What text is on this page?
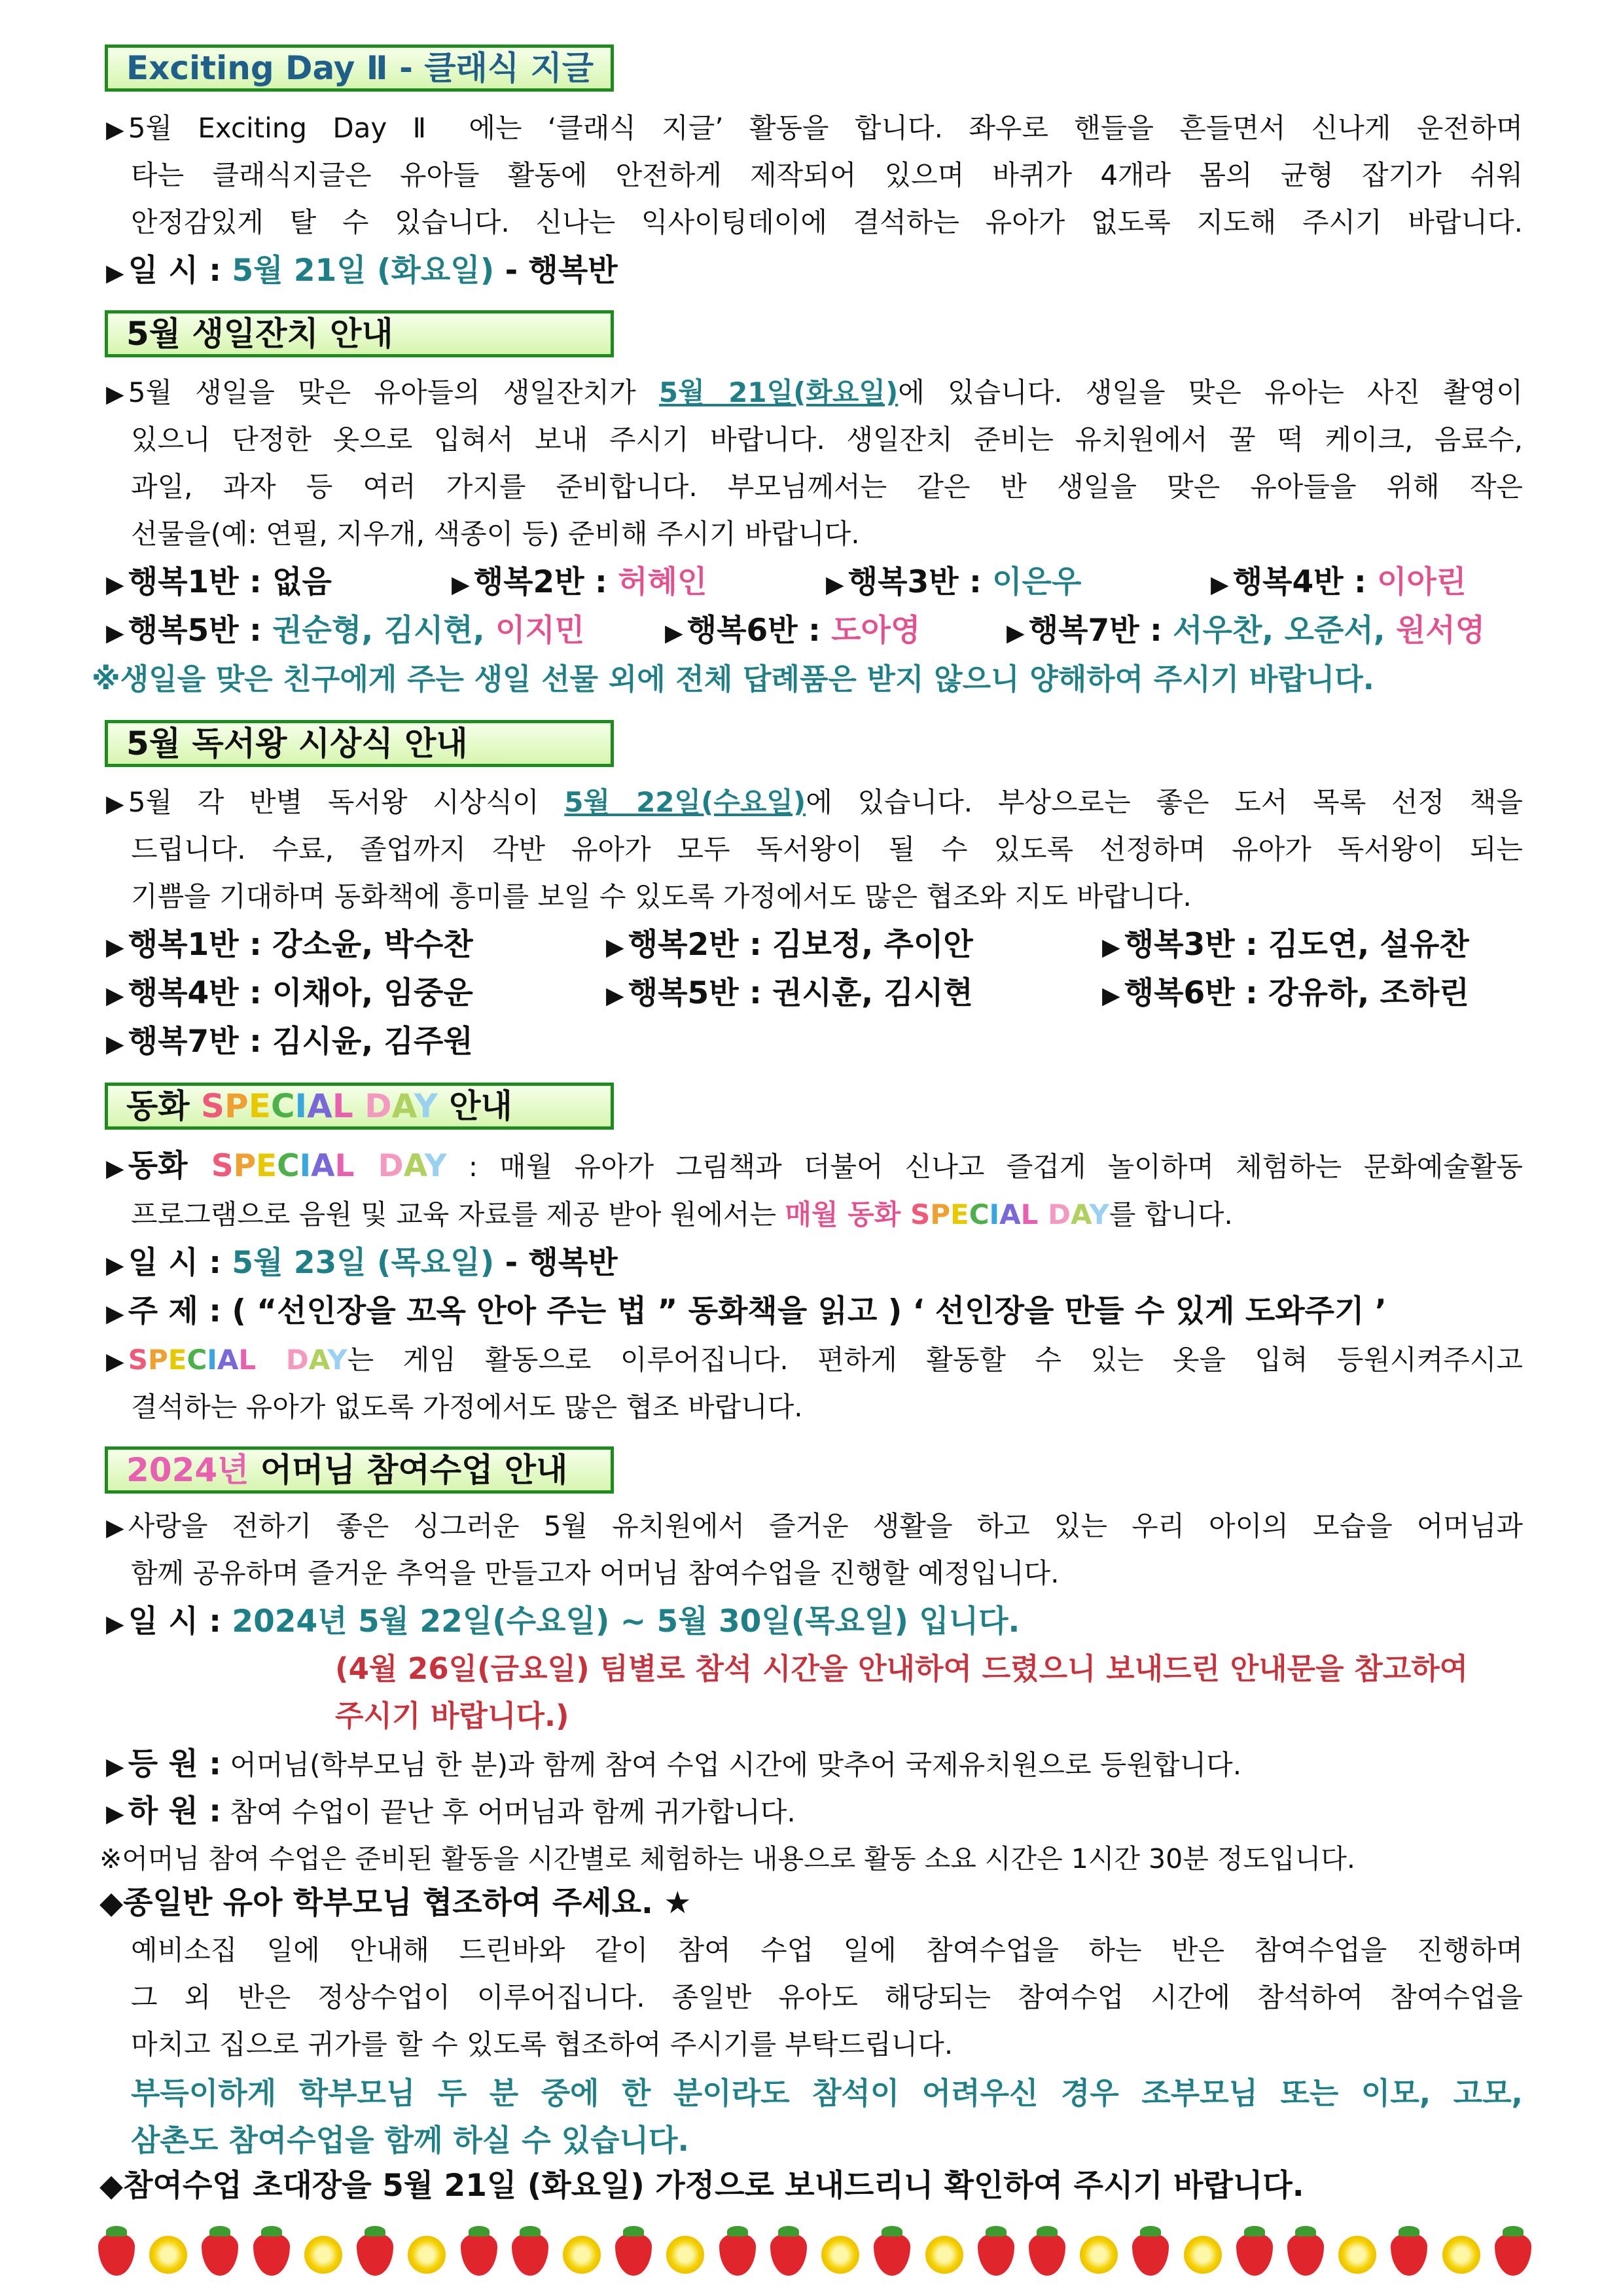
Exciting Day Ⅱ - 클래식 지글
▶ 5월 Exciting Day Ⅱ 에는 ‘클래식 지글’ 활동을 합니다. 좌우로 핸들을 흔들면서 신나게 운전하며
타는 클래식지글은 유아들 활동에 안전하게 제작되어 있으며 바퀴가 4개라 몸의 균형 잡기가 쉬워
안정감있게 탈 수 있습니다. 신나는 익사이팅데이에 결석하는 유아가 없도록 지도해 주시기 바랍니다.
▶ 일 시 : 5월 21일 (화요일) - 행복반
5월 생일잔치 안내
▶ 5월 생일을 맞은 유아들의 생일잔치가 5월 21일(화요일)에 있습니다. 생일을 맞은 유아는 사진 촬영이
있으니 단정한 옷으로 입혀서 보내 주시기 바랍니다. 생일잔치 준비는 유치원에서 꿀 떡 케이크, 음료수,
과일, 과자 등 여러 가지를 준비합니다. 부모님께서는 같은 반 생일을 맞은 유아들을 위해 작은
선물을(예: 연필, 지우개, 색종이 등) 준비해 주시기 바랍니다.
▶ 행복1반 : 없음	▶ 행복2반 : 허혜인	▶ 행복3반 : 이은우	▶ 행복4반 : 이아린
▶ 행복5반 : 권순형, 김시현, 이지민	▶ 행복6반 : 도아영	▶ 행복7반 : 서우찬, 오준서, 원서영
※생일을 맞은 친구에게 주는 생일 선물 외에 전체 답례품은 받지 않으니 양해하여 주시기 바랍니다.
5월 독서왕 시상식 안내
▶ 5월 각 반별 독서왕 시상식이 5월 22일(수요일)에 있습니다. 부상으로는 좋은 도서 목록 선정 책을
드립니다. 수료, 졸업까지 각반 유아가 모두 독서왕이 될 수 있도록 선정하며 유아가 독서왕이 되는
기쁨을 기대하며 동화책에 흥미를 보일 수 있도록 가정에서도 많은 협조와 지도 바랍니다.
▶ 행복1반 : 강소윤, 박수찬	▶ 행복2반 : 김보정, 추이안	▶ 행복3반 : 김도연, 설유찬
▶ 행복4반 : 이채아, 임중운	▶ 행복5반 : 권시훈, 김시현	▶ 행복6반 : 강유하, 조하린
▶ 행복7반 : 김시윤, 김주원
동화 SPECIAL DAY 안내
▶ 동화 SPECIAL DAY : 매월 유아가 그림책과 더불어 신나고 즐겁게 놀이하며 체험하는 문화예술활동
프로그램으로 음원 및 교육 자료를 제공 받아 원에서는 매월 동화 SPECIAL DAY를 합니다.
▶ 일 시 : 5월 23일 (목요일) - 행복반
▶ 주 제 : ( “선인장을 꼬옥 안아 주는 법 ” 동화책을 읽고 ) ‘ 선인장을 만들 수 있게 도와주기 ’
▶ SPECIAL DAY는 게임 활동으로 이루어집니다. 편하게 활동할 수 있는 옷을 입혀 등원시켜주시고
결석하는 유아가 없도록 가정에서도 많은 협조 바랍니다.
2024년 어머님 참여수업 안내
▶ 사랑을 전하기 좋은 싱그러운 5월 유치원에서 즐거운 생활을 하고 있는 우리 아이의 모습을 어머님과
함께 공유하며 즐거운 추억을 만들고자 어머님 참여수업을 진행할 예정입니다.
▶ 일 시 : 2024년 5월 22일(수요일) ~ 5월 30일(목요일) 입니다.
(4월 26일(금요일) 팀별로 참석 시간을 안내하여 드렸으니 보내드린 안내문을 참고하여
주시기 바랍니다.)
▶ 등 원 : 어머님(학부모님 한 분)과 함께 참여 수업 시간에 맞추어 국제유치원으로 등원합니다.
▶ 하 원 : 참여 수업이 끝난 후 어머님과 함께 귀가합니다.
※어머님 참여 수업은 준비된 활동을 시간별로 체험하는 내용으로 활동 소요 시간은 1시간 30분 정도입니다.
◆종일반 유아 학부모님 협조하여 주세요. ★
예비소집 일에 안내해 드린바와 같이 참여 수업 일에 참여수업을 하는 반은 참여수업을 진행하며
그 외 반은 정상수업이 이루어집니다. 종일반 유아도 해당되는 참여수업 시간에 참석하여 참여수업을
마치고 집으로 귀가를 할 수 있도록 협조하여 주시기를 부탁드립니다.
부득이하게 학부모님 두 분 중에 한 분이라도 참석이 어려우신 경우 조부모님 또는 이모, 고모,
삼촌도 참여수업을 함께 하실 수 있습니다.
◆참여수업 초대장을 5월 21일 (화요일) 가정으로 보내드리니 확인하여 주시기 바랍니다.
